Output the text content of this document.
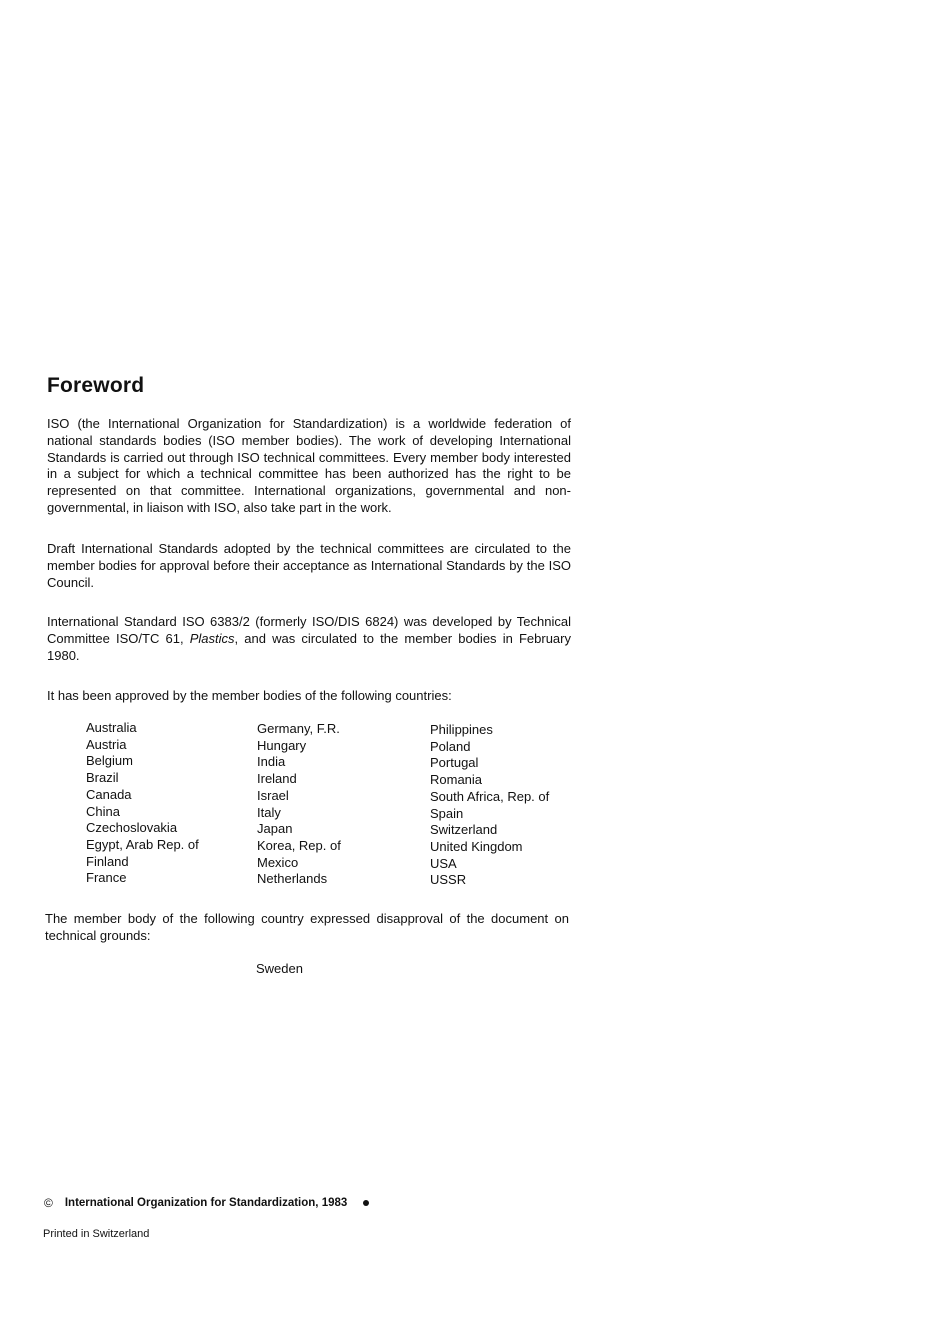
Foreword

ISO (the International Organization for Standardization) is a worldwide federation of national standards bodies (ISO member bodies). The work of developing International Standards is carried out through ISO technical committees. Every member body interested in a subject for which a technical committee has been authorized has the right to be represented on that committee. International organizations, governmental and non-governmental, in liaison with ISO, also take part in the work.

Draft International Standards adopted by the technical committees are circulated to the member bodies for approval before their acceptance as International Standards by the ISO Council.

International Standard ISO 6383/2 (formerly ISO/DIS 6824) was developed by Technical Committee ISO/TC 61, Plastics, and was circulated to the member bodies in February 1980.

It has been approved by the member bodies of the following countries:

Australia
Austria
Belgium
Brazil
Canada
China
Czechoslovakia
Egypt, Arab Rep. of
Finland
France
Germany, F.R.
Hungary
India
Ireland
Israel
Italy
Japan
Korea, Rep. of
Mexico
Netherlands
Philippines
Poland
Portugal
Romania
South Africa, Rep. of
Spain
Switzerland
United Kingdom
USA
USSR

The member body of the following country expressed disapproval of the document on technical grounds:

Sweden
© International Organization for Standardization, 1983
Printed in Switzerland
